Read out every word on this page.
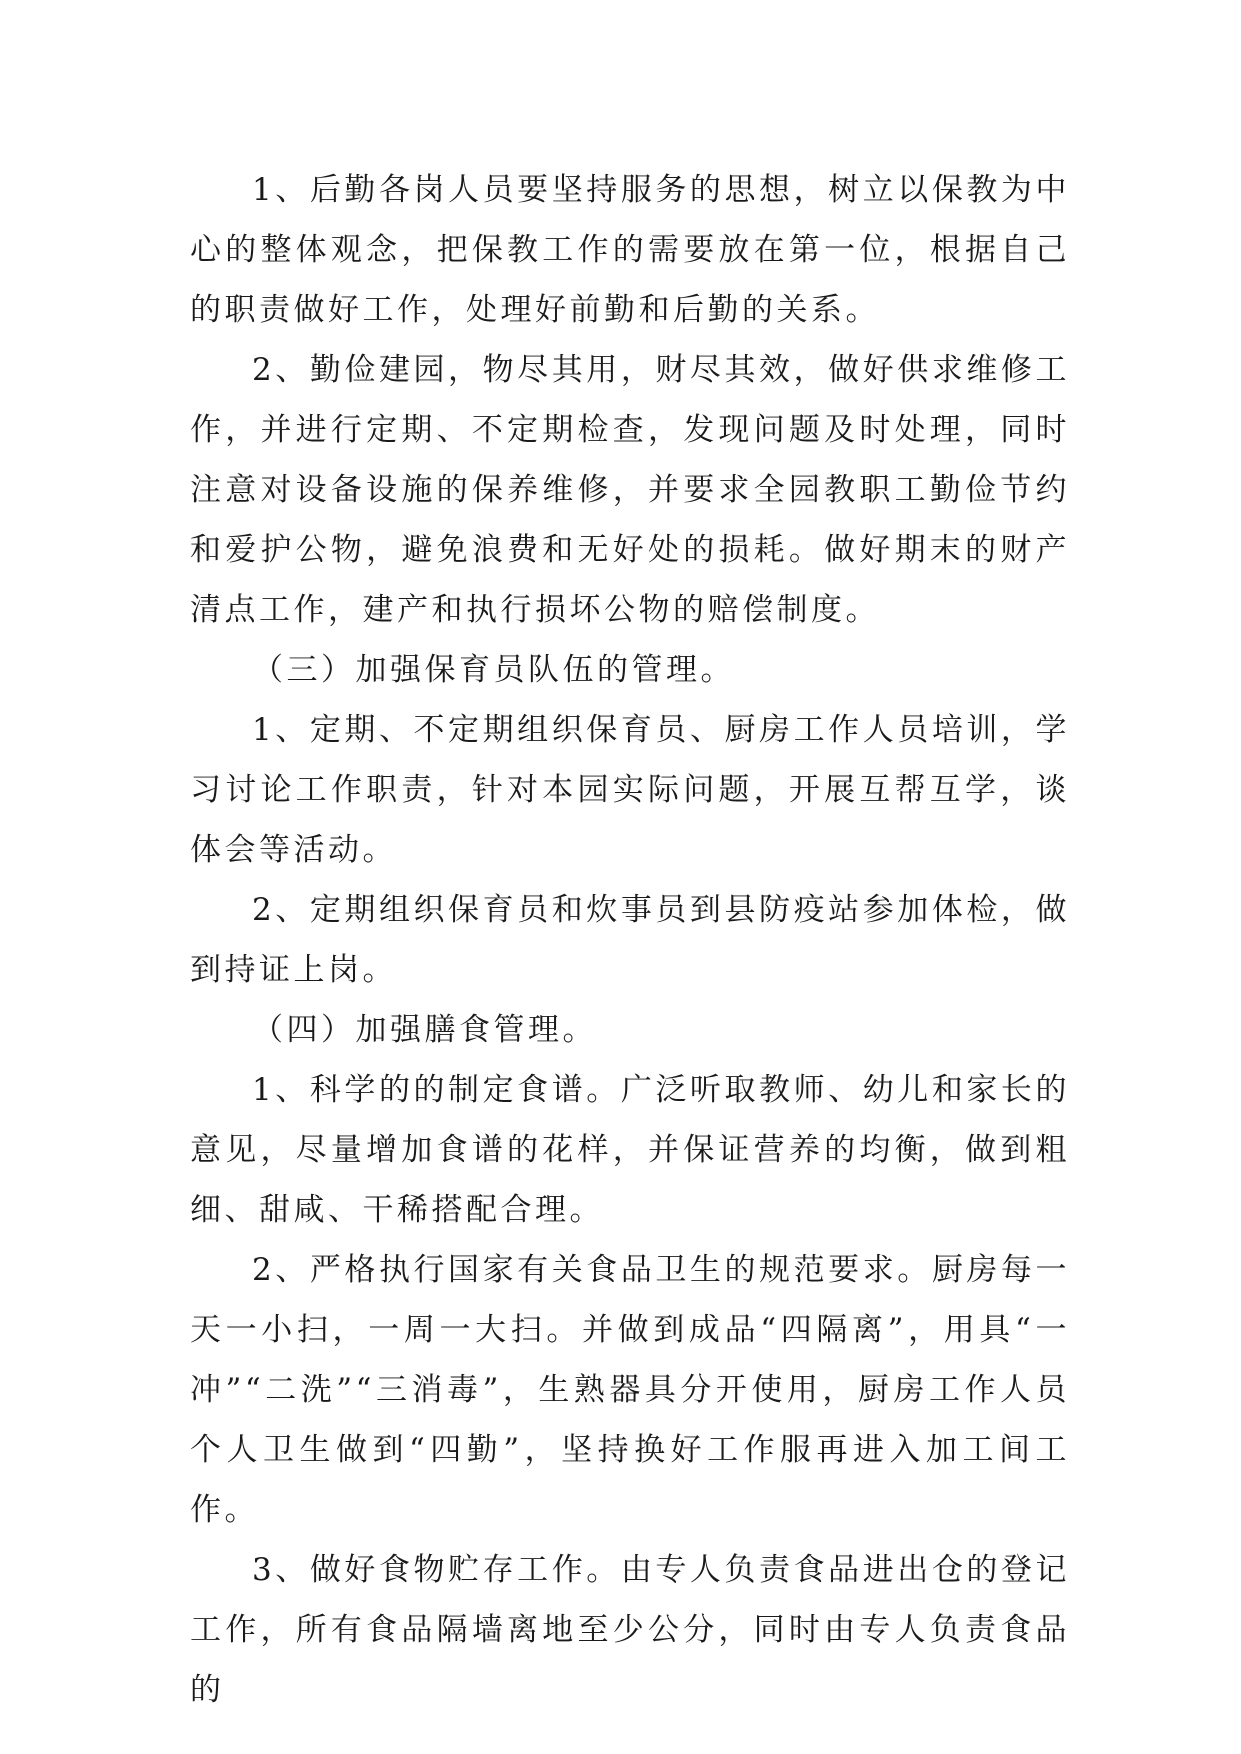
1、后勤各岗人员要坚持服务的思想，树立以保教为中心的整体观念，把保教工作的需要放在第一位，根据自己的职责做好工作，处理好前勤和后勤的关系。

2、勤俭建园，物尽其用，财尽其效，做好供求维修工作，并进行定期、不定期检查，发现问题及时处理，同时注意对设备设施的保养维修，并要求全园教职工勤俭节约和爱护公物，避免浪费和无好处的损耗。做好期末的财产清点工作，建产和执行损坏公物的赔偿制度。

（三）加强保育员队伍的管理。

1、定期、不定期组织保育员、厨房工作人员培训，学习讨论工作职责，针对本园实际问题，开展互帮互学，谈体会等活动。

2、定期组织保育员和炊事员到县防疫站参加体检，做到持证上岗。

（四）加强膳食管理。

1、科学的的制定食谱。广泛听取教师、幼儿和家长的意见，尽量增加食谱的花样，并保证营养的均衡，做到粗细、甜咸、干稀搭配合理。

2、严格执行国家有关食品卫生的规范要求。厨房每一天一小扫，一周一大扫。并做到成品“四隔离”，用具“一冲”“二洗”“三消毒”，生熟器具分开使用，厨房工作人员个人卫生做到“四勤”，坚持换好工作服再进入加工间工作。

3、做好食物贮存工作。由专人负责食品进出仓的登记工作，所有食品隔墙离地至少公分，同时由专人负责食品的
